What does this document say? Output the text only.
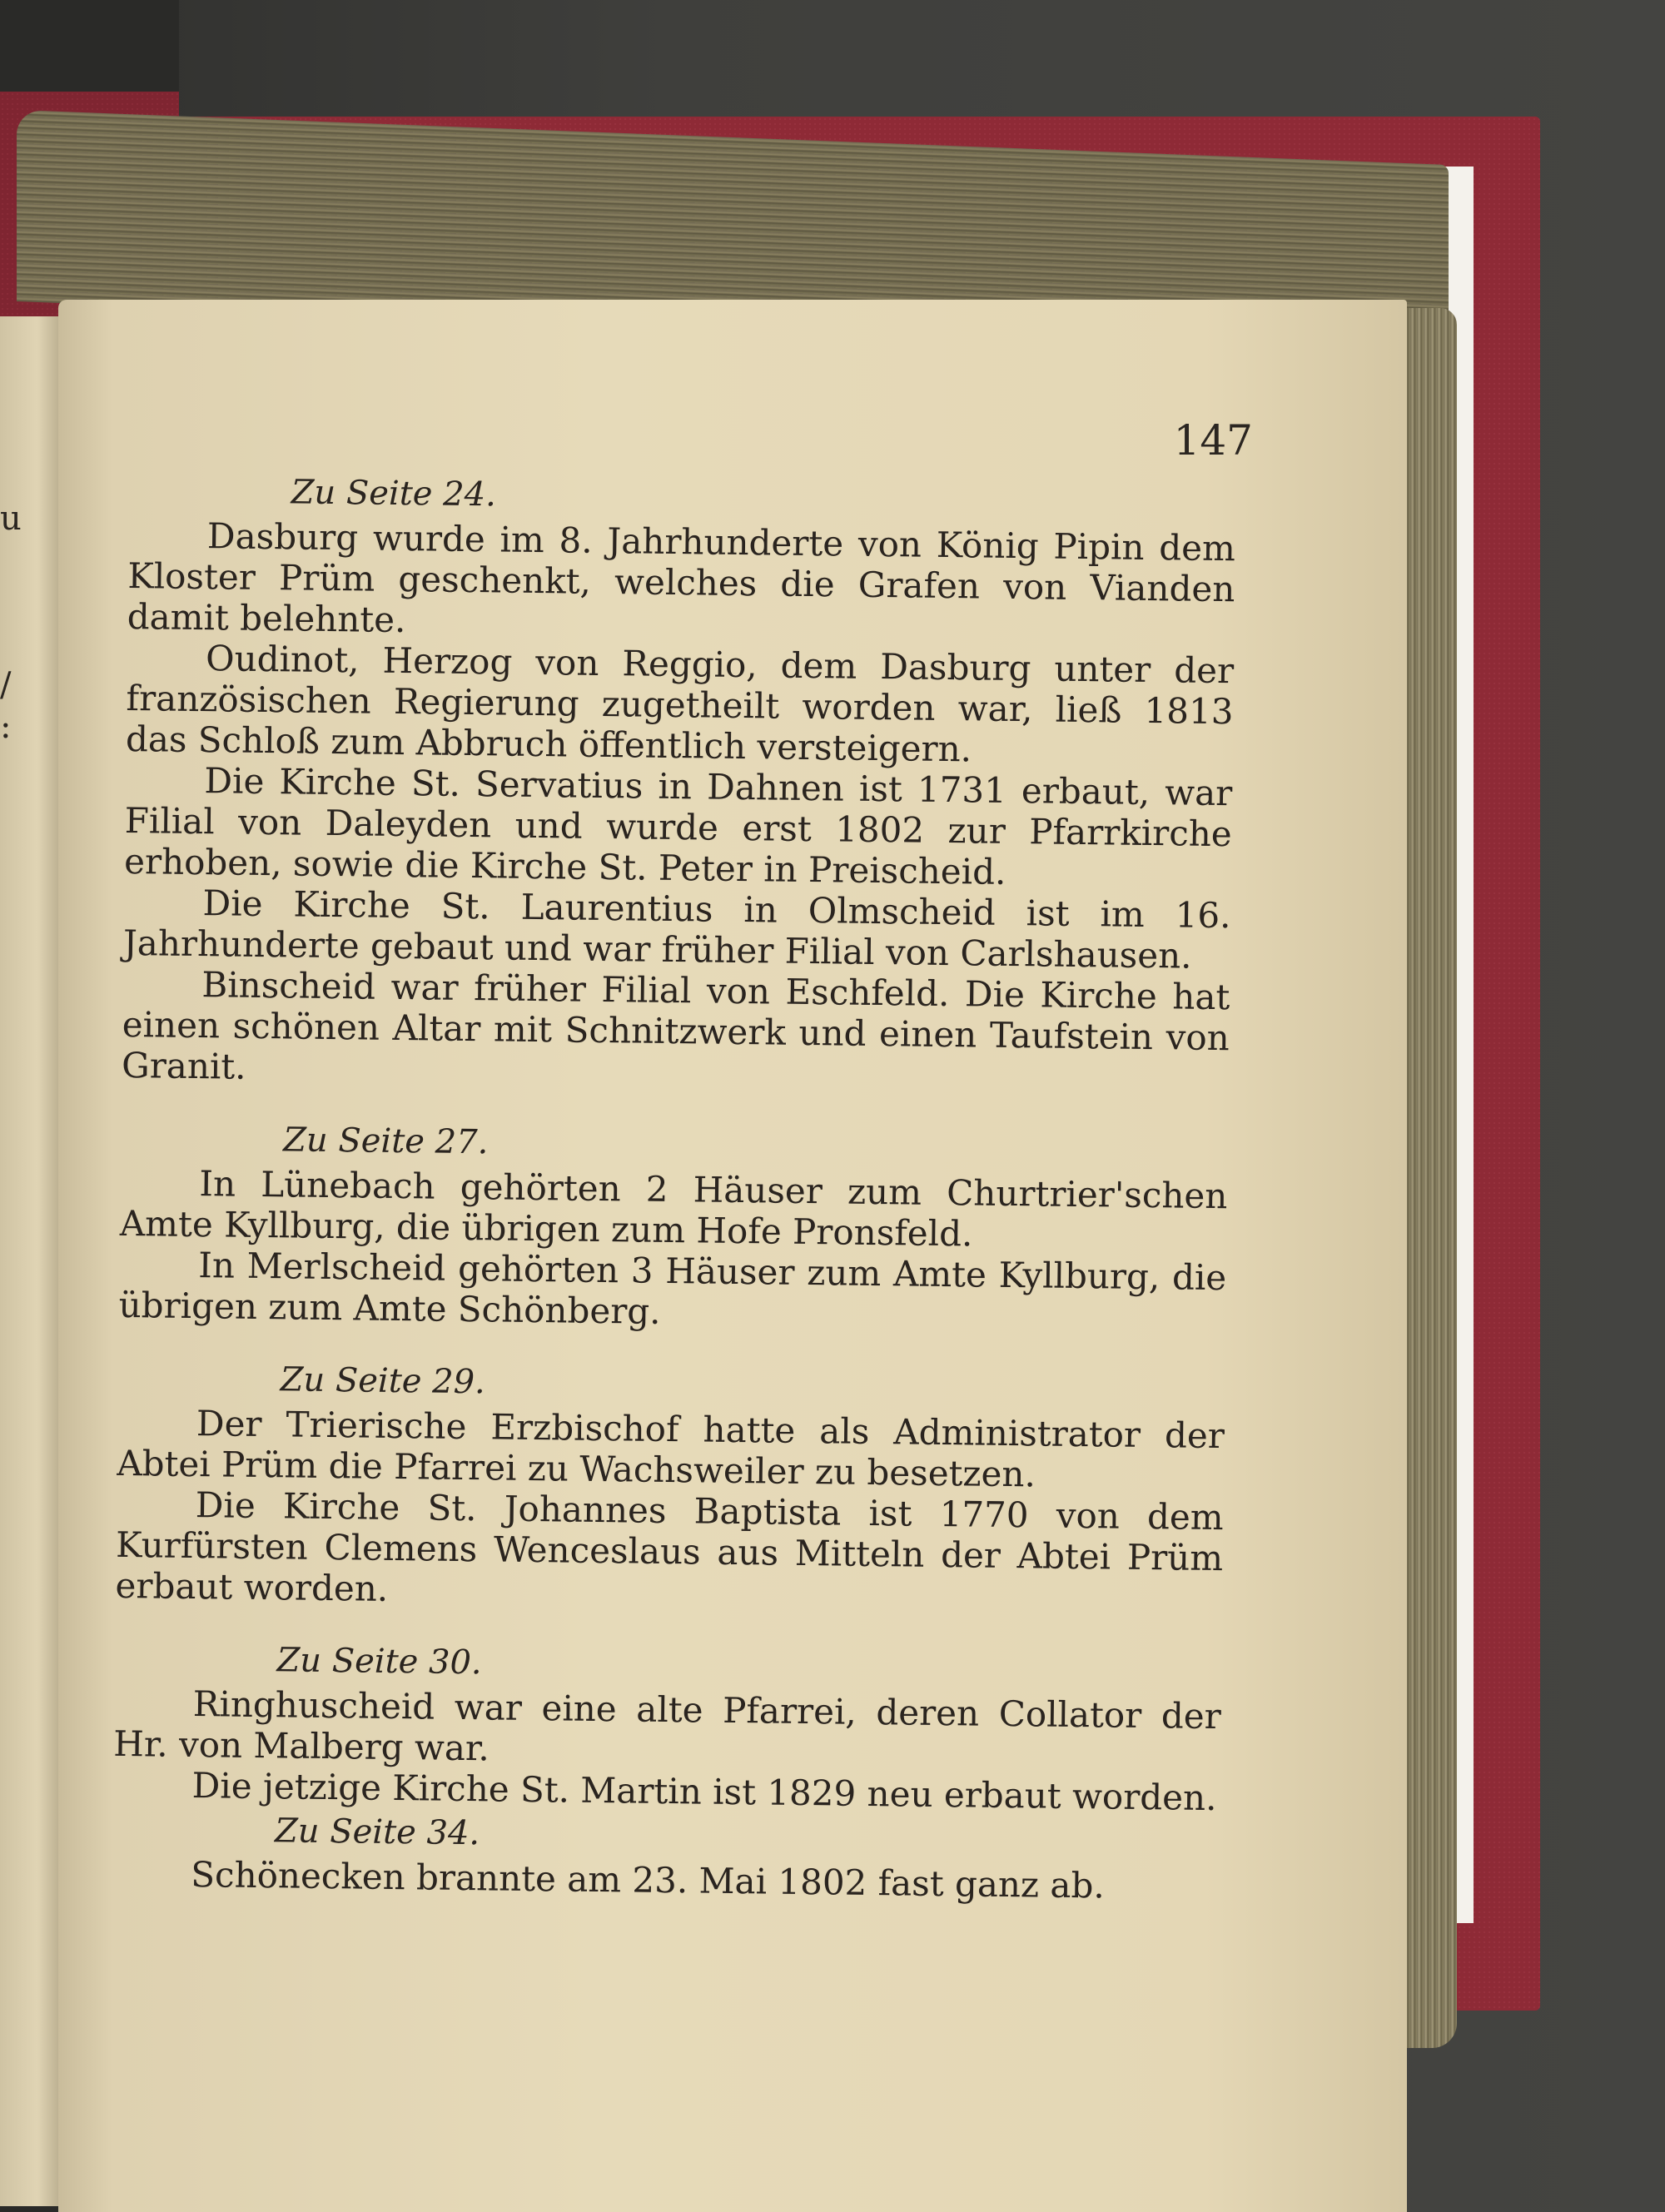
u
/
:
147

Zu Seite 24.

Dasburg wurde im 8. Jahrhunderte von König Pipin dem Kloster Prüm geschenkt, welches die Grafen von Vianden damit belehnte.

Oudinot, Herzog von Reggio, dem Dasburg unter der französischen Regierung zugetheilt worden war, ließ 1813 das Schloß zum Abbruch öffentlich versteigern.

Die Kirche St. Servatius in Dahnen ist 1731 erbaut, war Filial von Daleyden und wurde erst 1802 zur Pfarrkirche erhoben, sowie die Kirche St. Peter in Preischeid.

Die Kirche St. Laurentius in Olmscheid ist im 16. Jahrhunderte gebaut und war früher Filial von Carlshausen.

Binscheid war früher Filial von Eschfeld. Die Kirche hat einen schönen Altar mit Schnitzwerk und einen Taufstein von Granit.

Zu Seite 27.

In Lünebach gehörten 2 Häuser zum Churtrier'schen Amte Kyllburg, die übrigen zum Hofe Pronsfeld.

In Merlscheid gehörten 3 Häuser zum Amte Kyllburg, die übrigen zum Amte Schönberg.

Zu Seite 29.

Der Trierische Erzbischof hatte als Administrator der Abtei Prüm die Pfarrei zu Wachsweiler zu besetzen.

Die Kirche St. Johannes Baptista ist 1770 von dem Kurfürsten Clemens Wenceslaus aus Mitteln der Abtei Prüm erbaut worden.

Zu Seite 30.

Ringhuscheid war eine alte Pfarrei, deren Collator der Hr. von Malberg war.

Die jetzige Kirche St. Martin ist 1829 neu erbaut worden.

Zu Seite 34.

Schönecken brannte am 23. Mai 1802 fast ganz ab.
